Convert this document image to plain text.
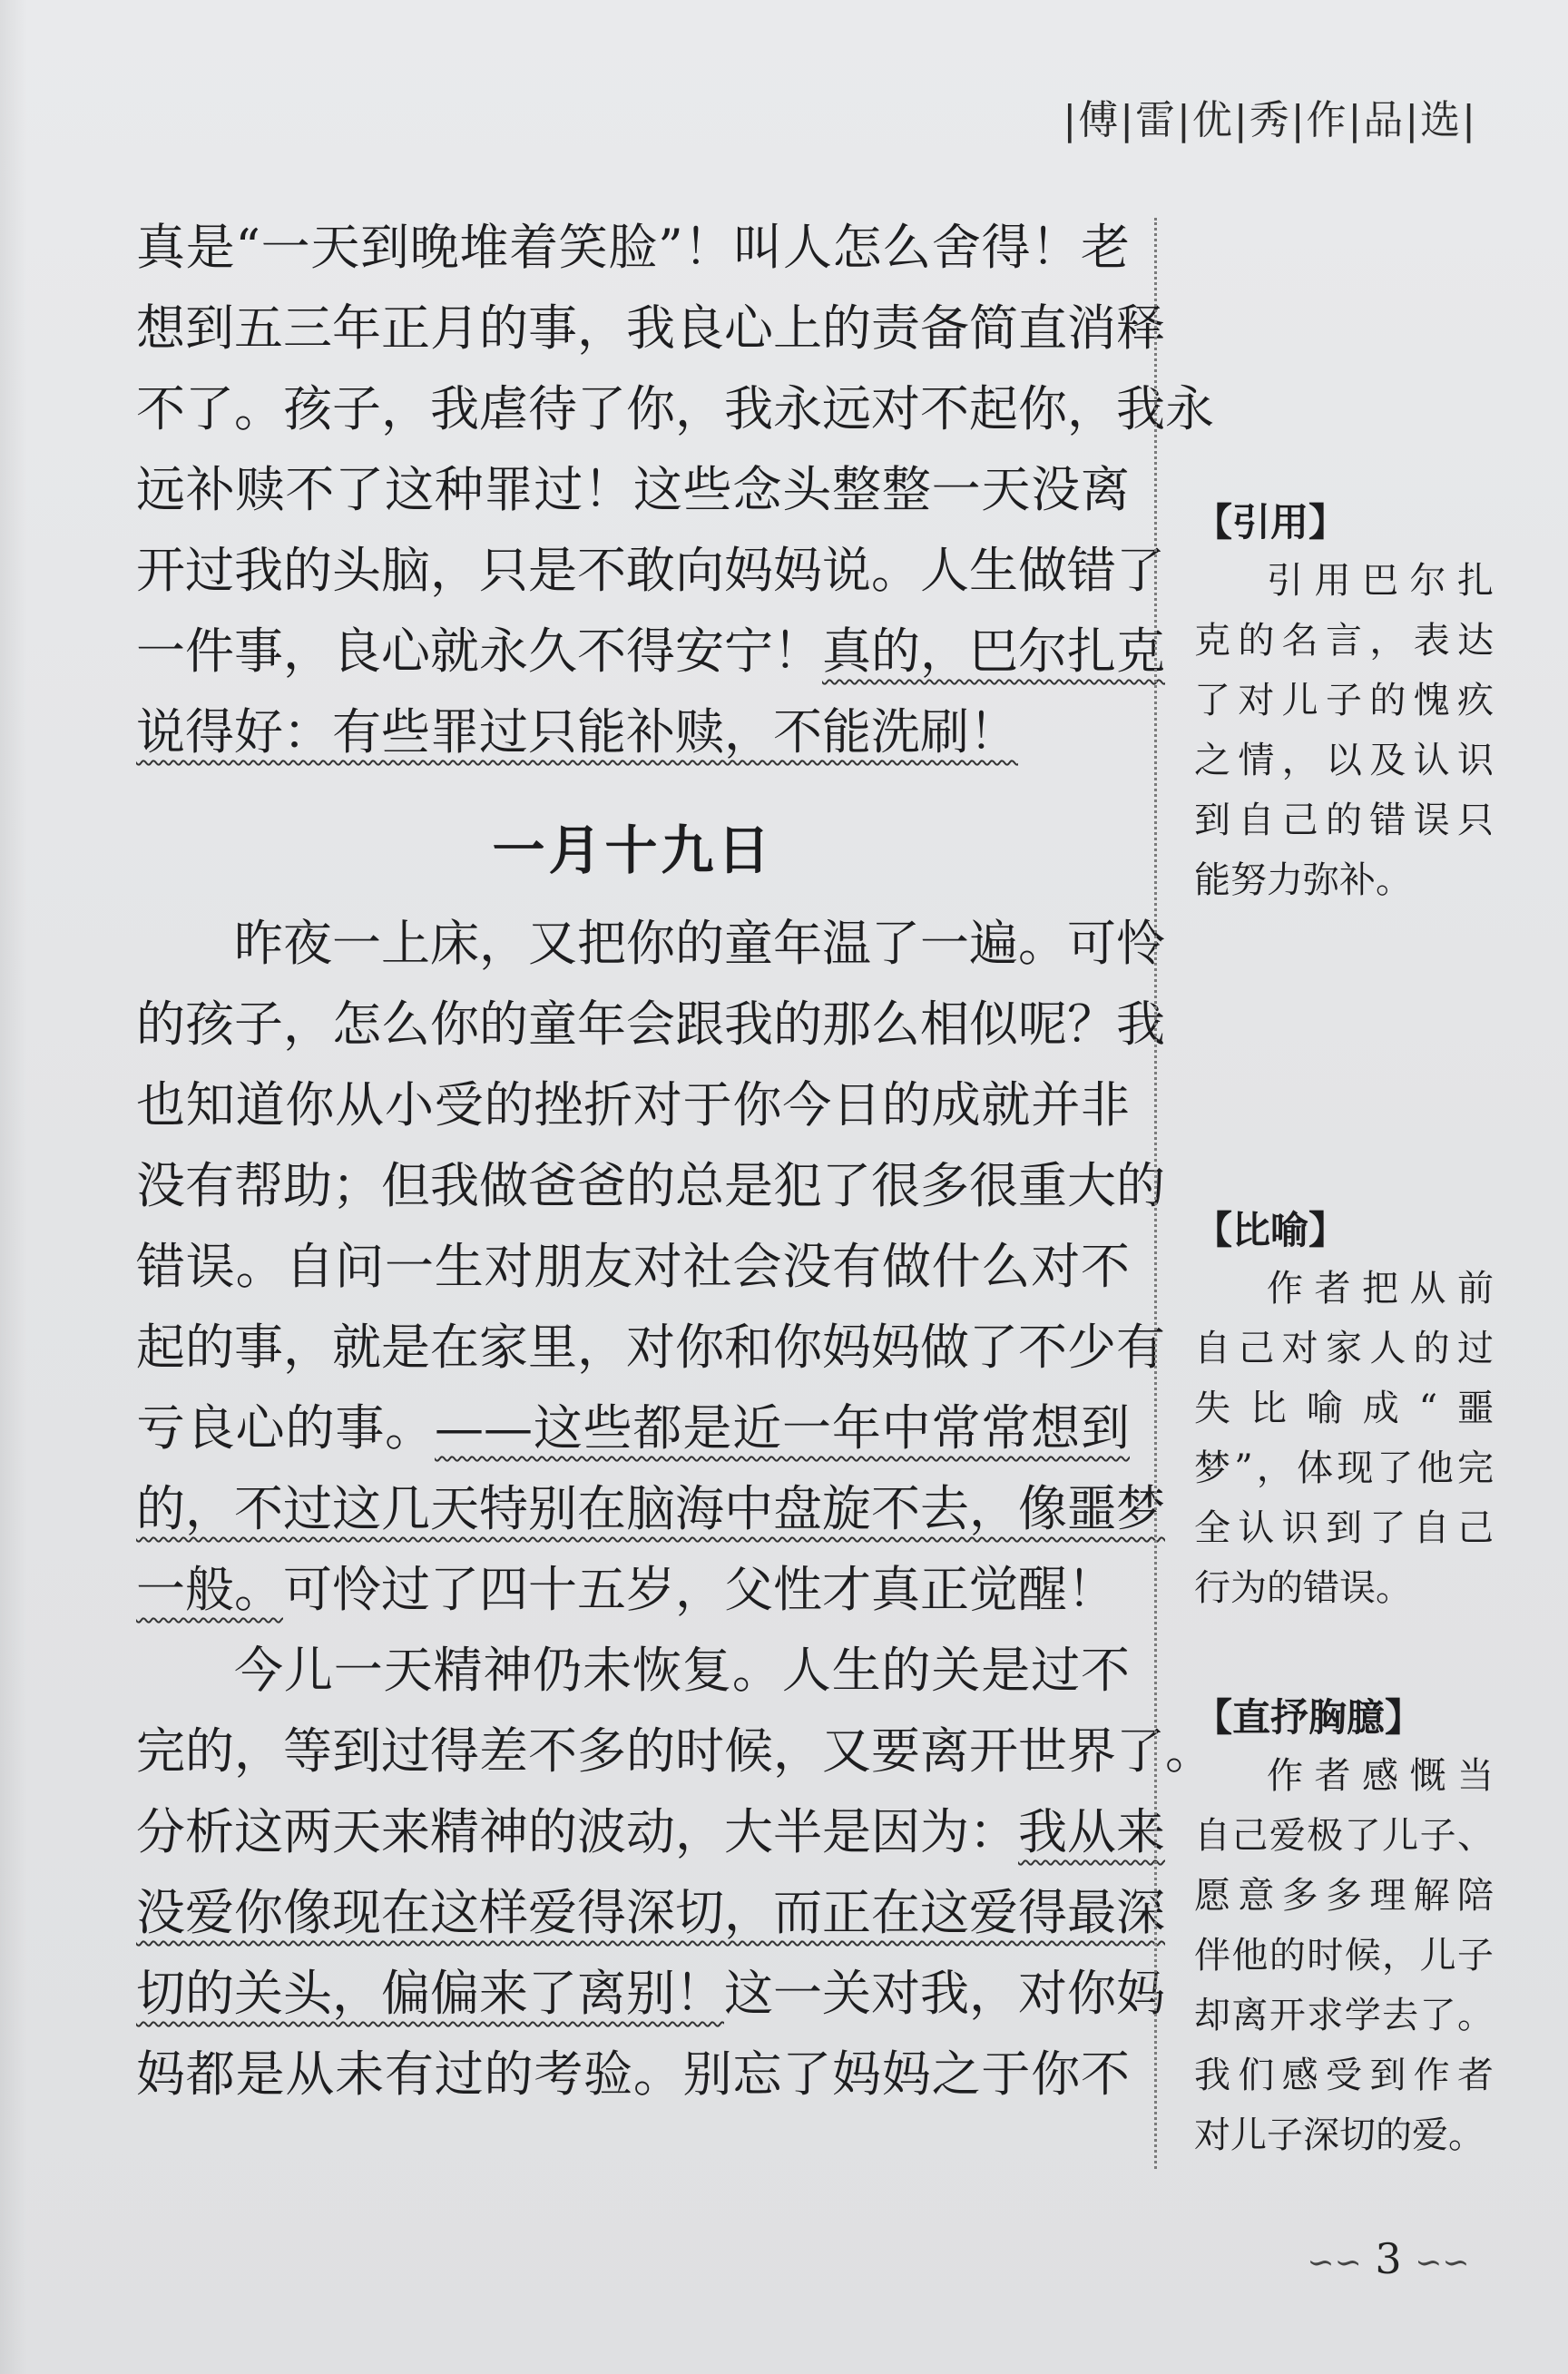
|傅|雷|优|秀|作|品|选|
真是“一天到晚堆着笑脸”！叫人怎么舍得！老
想到五三年正月的事，我良心上的责备简直消释
不了。孩子，我虐待了你，我永远对不起你，我永
远补赎不了这种罪过！这些念头整整一天没离
开过我的头脑，只是不敢向妈妈说。人生做错了
一件事，良心就永久不得安宁！真的，巴尔扎克
说得好：有些罪过只能补赎，不能洗刷！
一月十九日
昨夜一上床，又把你的童年温了一遍。可怜
的孩子，怎么你的童年会跟我的那么相似呢？我
也知道你从小受的挫折对于你今日的成就并非
没有帮助；但我做爸爸的总是犯了很多很重大的
错误。自问一生对朋友对社会没有做什么对不
起的事，就是在家里，对你和你妈妈做了不少有
亏良心的事。——这些都是近一年中常常想到
的，不过这几天特别在脑海中盘旋不去，像噩梦
一般。可怜过了四十五岁，父性才真正觉醒！
今儿一天精神仍未恢复。人生的关是过不
完的，等到过得差不多的时候，又要离开世界了。
分析这两天来精神的波动，大半是因为：我从来
没爱你像现在这样爱得深切，而正在这爱得最深
切的关头，偏偏来了离别！这一关对我，对你妈
妈都是从未有过的考验。别忘了妈妈之于你不
【引用】
引用巴尔扎
克的名言，表达
了对儿子的愧疚
之情，以及认识
到自己的错误只
能努力弥补。
【比喻】
作者把从前
自己对家人的过
失比喻成“噩
梦”，体现了他完
全认识到了自己
行为的错误。
【直抒胸臆】
作者感慨当
自己爱极了儿子、
愿意多多理解陪
伴他的时候，儿子
却离开求学去了。
我们感受到作者
对儿子深切的爱。
∽∽ 3 ∽∽
